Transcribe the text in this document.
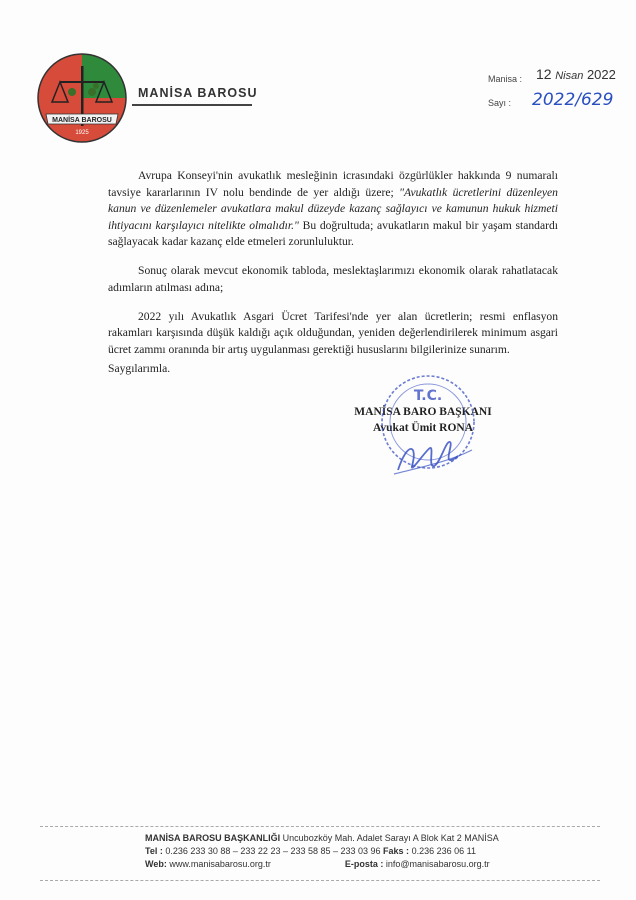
MANİSA BAROSU
1925
MANİSA BAROSU
Manisa : 12 Nisan 2022
Sayı :	2022/629

Avrupa Konseyi'nin avukatlık mesleğinin icrasındaki özgürlükler hakkında 9 numaralı tavsiye kararlarının IV nolu bendinde de yer aldığı üzere; "Avukatlık ücretlerini düzenleyen kanun ve düzenlemeler avukatlara makul düzeyde kazanç sağlayıcı ve kamunun hukuk hizmeti ihtiyacını karşılayıcı nitelikte olmalıdır." Bu doğrultuda; avukatların makul bir yaşam standardı sağlayacak kadar kazanç elde etmeleri zorunluluktur.

Sonuç olarak mevcut ekonomik tabloda, meslektaşlarımızı ekonomik olarak rahatlatacak adımların atılması adına;

2022 yılı Avukatlık Asgari Ücret Tarifesi'nde yer alan ücretlerin; resmi enflasyon rakamları karşısında düşük kaldığı açık olduğundan, yeniden değerlendirilerek minimum asgari ücret zammı oranında bir artış uygulanması gerektiği hususlarını bilgilerinize sunarım.

Saygılarımla.
MANİSA BARO BAŞKANI
Avukat Ümit RONA
T.C.
MANİSA BAROSU BAŞKANLIĞI Uncubozköy Mah. Adalet Sarayı A Blok Kat 2 MANİSA
Tel : 0.236 233 30 88 – 233 22 23 – 233 58 85 – 233 03 96 Faks : 0.236 236 06 11
Web: www.manisabarosu.org.tr	E-posta : info@manisabarosu.org.tr
